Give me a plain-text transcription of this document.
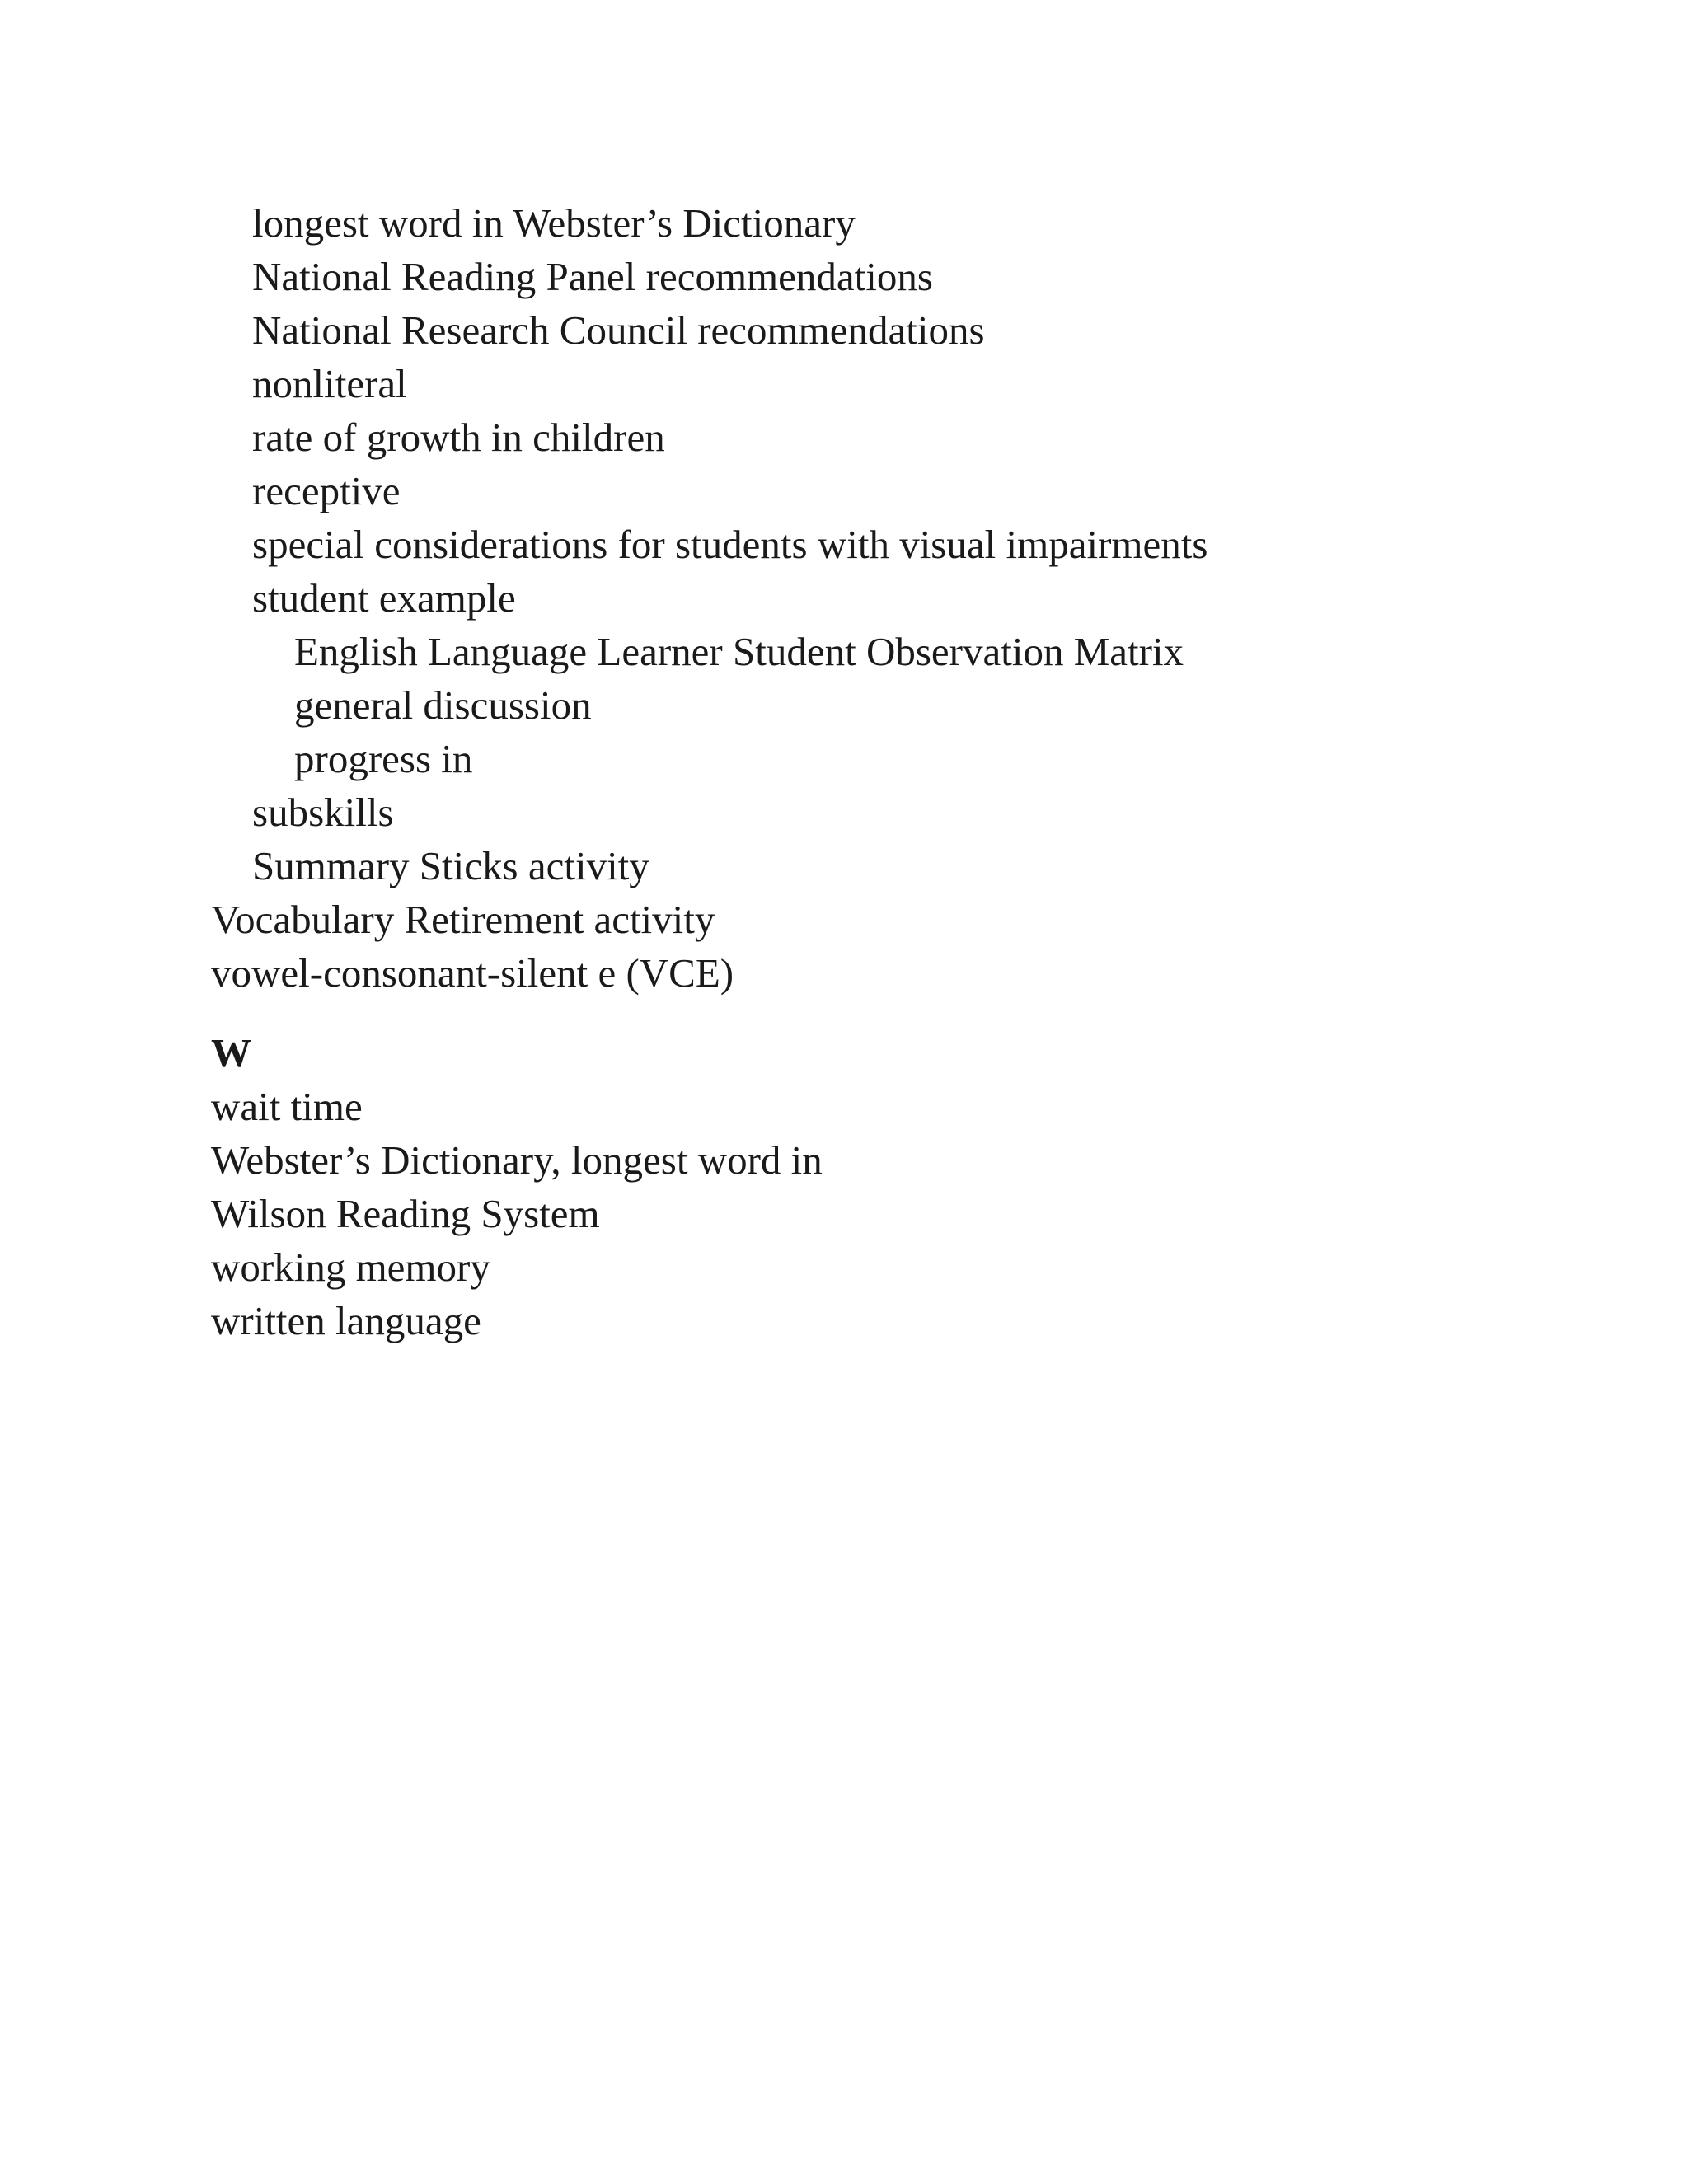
longest word in Webster’s Dictionary
National Reading Panel recommendations
National Research Council recommendations
nonliteral
rate of growth in children
receptive
special considerations for students with visual impairments
student example
English Language Learner Student Observation Matrix
general discussion
progress in
subskills
Summary Sticks activity
Vocabulary Retirement activity
vowel-consonant-silent e (VCE)
W
wait time
Webster’s Dictionary, longest word in
Wilson Reading System
working memory
written language
